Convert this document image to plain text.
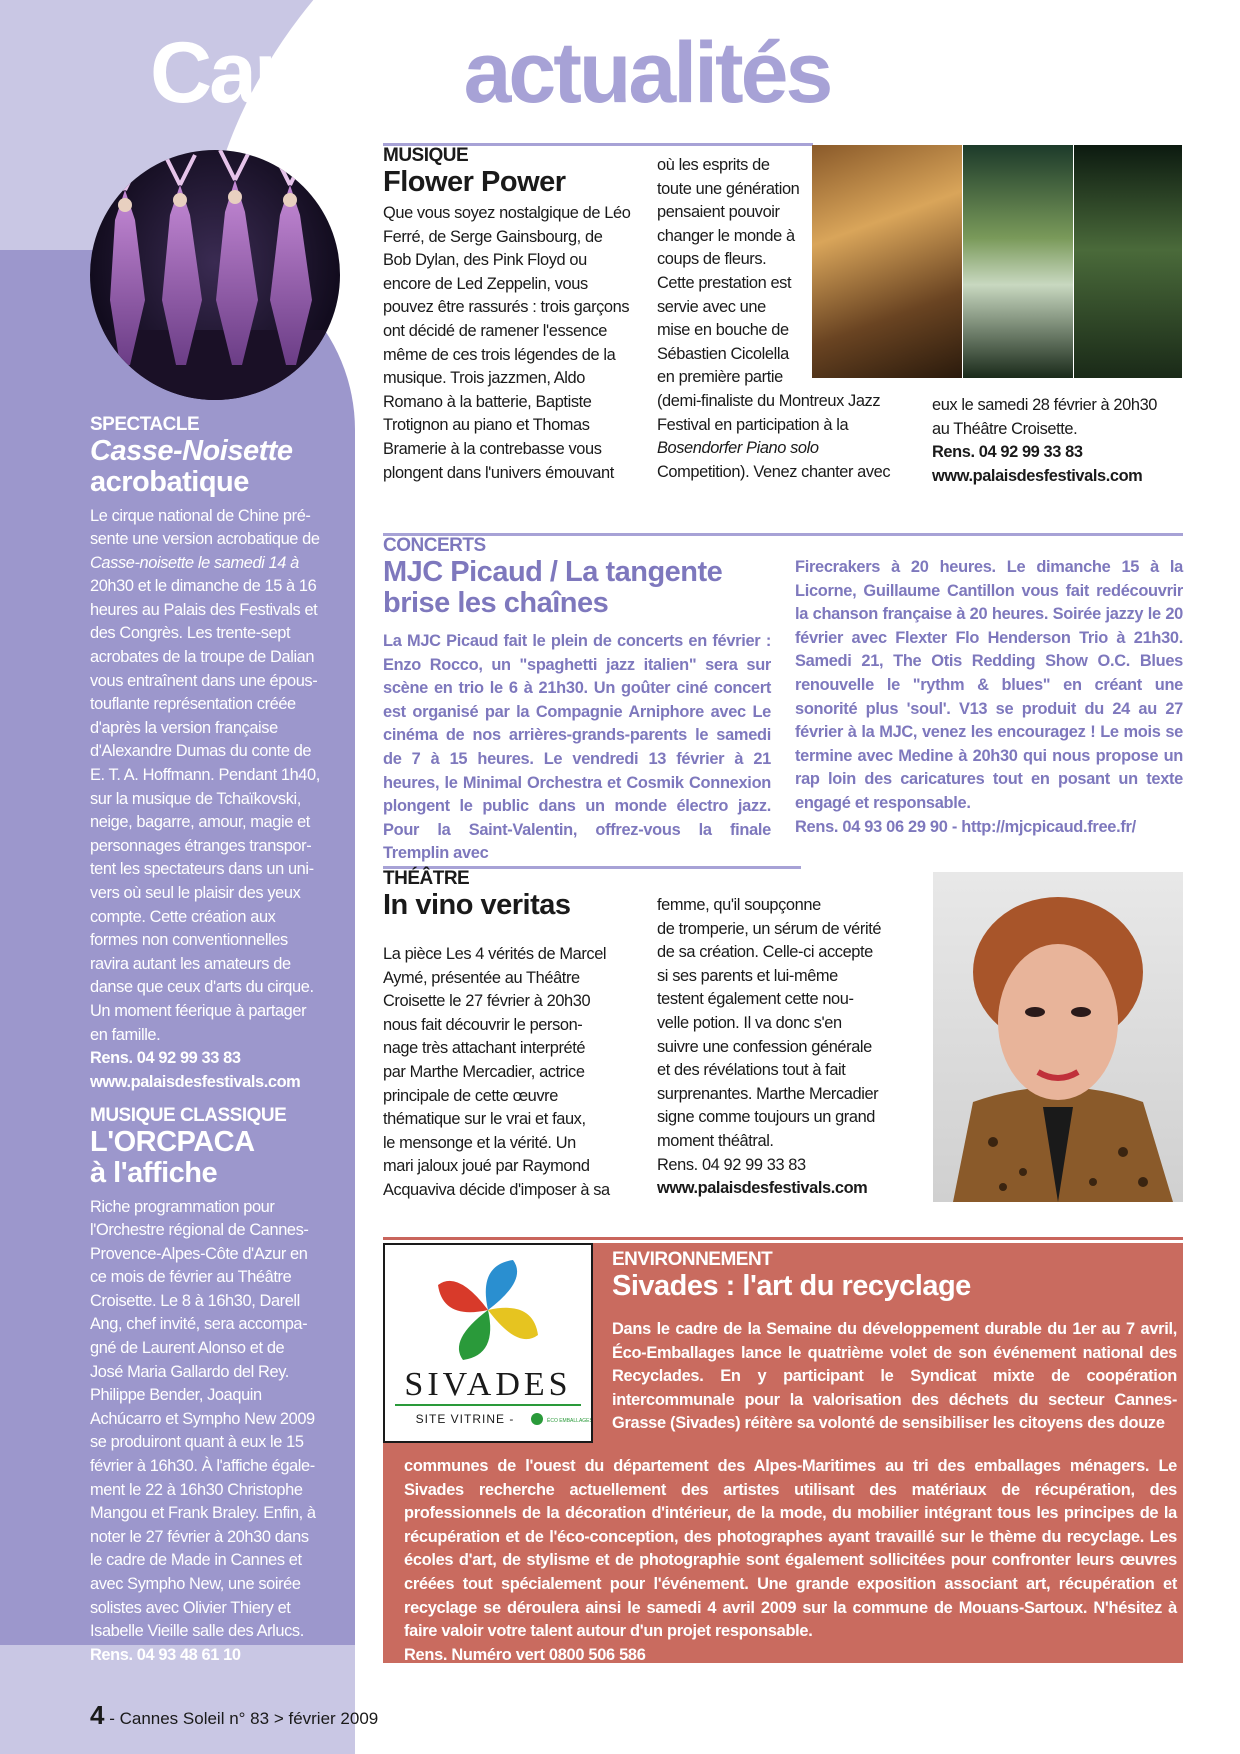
Cannes actualités
SPECTACLE
Casse-Noisette
acrobatique

Le cirque national de Chine pré-

sente une version acrobatique de

Casse-noisette le samedi 14 à

20h30 et le dimanche de 15 à 16

heures au Palais des Festivals et

des Congrès. Les trente-sept

acrobates de la troupe de Dalian

vous entraînent dans une épous-

touflante représentation créée

d'après la version française

d'Alexandre Dumas du conte de

E. T. A. Hoffmann. Pendant 1h40,

sur la musique de Tchaïkovski,

neige, bagarre, amour, magie et

personnages étranges transpor-

tent les spectateurs dans un uni-

vers où seul le plaisir des yeux

compte. Cette création aux

formes non conventionnelles

ravira autant les amateurs de

danse que ceux d'arts du cirque.

Un moment féerique à partager

en famille.

Rens. 04 92 99 33 83

www.palaisdesfestivals.com

MUSIQUE CLASSIQUE
L'ORCPACA
à l'affiche

Riche programmation pour

l'Orchestre régional de Cannes-

Provence-Alpes-Côte d'Azur en

ce mois de février au Théâtre

Croisette. Le 8 à 16h30, Darell

Ang, chef invité, sera accompa-

gné de Laurent Alonso et de

José Maria Gallardo del Rey.

Philippe Bender, Joaquin

Achúcarro et Sympho New 2009

se produiront quant à eux le 15

février à 16h30. À l'affiche égale-

ment le 22 à 16h30 Christophe

Mangou et Frank Braley. Enfin, à

noter le 27 février à 20h30 dans

le cadre de Made in Cannes et

avec Sympho New, une soirée

solistes avec Olivier Thiery et

Isabelle Vieille salle des Arlucs.

Rens. 04 93 48 61 10

MUSIQUE
Flower Power

Que vous soyez nostalgique de Léo

Ferré, de Serge Gainsbourg, de

Bob Dylan, des Pink Floyd ou

encore de Led Zeppelin, vous

pouvez être rassurés : trois garçons

ont décidé de ramener l'essence

même de ces trois légendes de la

musique. Trois jazzmen, Aldo

Romano à la batterie, Baptiste

Trotignon au piano et Thomas

Bramerie à la contrebasse vous

plongent dans l'univers émouvant

où les esprits de

toute une génération

pensaient pouvoir

changer le monde à

coups de fleurs.

Cette prestation est

servie avec une

mise en bouche de

Sébastien Cicolella

en première partie

(demi-finaliste du Montreux Jazz

Festival en participation à la

Bosendorfer Piano solo

Competition). Venez chanter avec

eux le samedi 28 février à 20h30

au Théâtre Croisette.

Rens. 04 92 99 33 83

www.palaisdesfestivals.com

CONCERTS
MJC Picaud / La tangente
brise les chaînes
La MJC Picaud fait le plein de concerts en février : Enzo Rocco, un "spaghetti jazz italien" sera sur scène en trio le 6 à 21h30. Un goûter ciné concert est organisé par la Compagnie Arniphore avec Le cinéma de nos arrières-grands-parents le samedi de 7 à 15 heures. Le vendredi 13 février à 21 heures, le Minimal Orchestra et Cosmik Connexion plongent le public dans un monde électro jazz. Pour la Saint-Valentin, offrez-vous la finale Tremplin avec

Firecrakers à 20 heures. Le dimanche 15 à la Licorne, Guillaume Cantillon vous fait redécouvrir la chanson française à 20 heures. Soirée jazzy le 20 février avec Flexter Flo Henderson Trio à 21h30. Samedi 21, The Otis Redding Show O.C. Blues renouvelle le "rythm & blues" en créant une sonorité plus 'soul'. V13 se produit du 24 au 27 février à la MJC, venez les encouragez ! Le mois se termine avec Medine à 20h30 qui nous propose un rap loin des caricatures tout en posant un texte engagé et responsable.

Rens. 04 93 06 29 90 - http://mjcpicaud.free.fr/

THÉÂTRE
In vino veritas

La pièce Les 4 vérités de Marcel

Aymé, présentée au Théâtre

Croisette le 27 février à 20h30

nous fait découvrir le person-

nage très attachant interprété

par Marthe Mercadier, actrice

principale de cette œuvre

thématique sur le vrai et faux,

le mensonge et la vérité. Un

mari jaloux joué par Raymond

Acquaviva décide d'imposer à sa

femme, qu'il soupçonne

de tromperie, un sérum de vérité

de sa création. Celle-ci accepte

si ses parents et lui-même

testent également cette nou-

velle potion. Il va donc s'en

suivre une confession générale

et des révélations tout à fait

surprenantes. Marthe Mercadier

signe comme toujours un grand

moment théâtral.

Rens. 04 92 99 33 83

www.palaisdesfestivals.com

SIVADES
SITE VITRINE -	ÉCO EMBALLAGES
ENVIRONNEMENT
Sivades : l'art du recyclage
Dans le cadre de la Semaine du développement durable du 1er au 7 avril, Éco-Emballages lance le quatrième volet de son événement national des Recyclades. En y participant le Syndicat mixte de coopération intercommunale pour la valorisation des déchets du secteur Cannes-Grasse (Sivades) réitère sa volonté de sensibiliser les citoyens des douze

communes de l'ouest du département des Alpes-Maritimes au tri des emballages ménagers. Le Sivades recherche actuellement des artistes utilisant des matériaux de récupération, des professionnels de la décoration d'intérieur, de la mode, du mobilier intégrant tous les principes de la récupération et de l'éco-conception, des photographes ayant travaillé sur le thème du recyclage. Les écoles d'art, de stylisme et de photographie sont également sollicitées pour confronter leurs œuvres créées tout spécialement pour l'événement. Une grande exposition associant art, récupération et recyclage se déroulera ainsi le samedi 4 avril 2009 sur la commune de Mouans-Sartoux. N'hésitez à faire valoir votre talent autour d'un projet responsable.

Rens. Numéro vert 0800 506 586

4 - Cannes Soleil n° 83 > février 2009
